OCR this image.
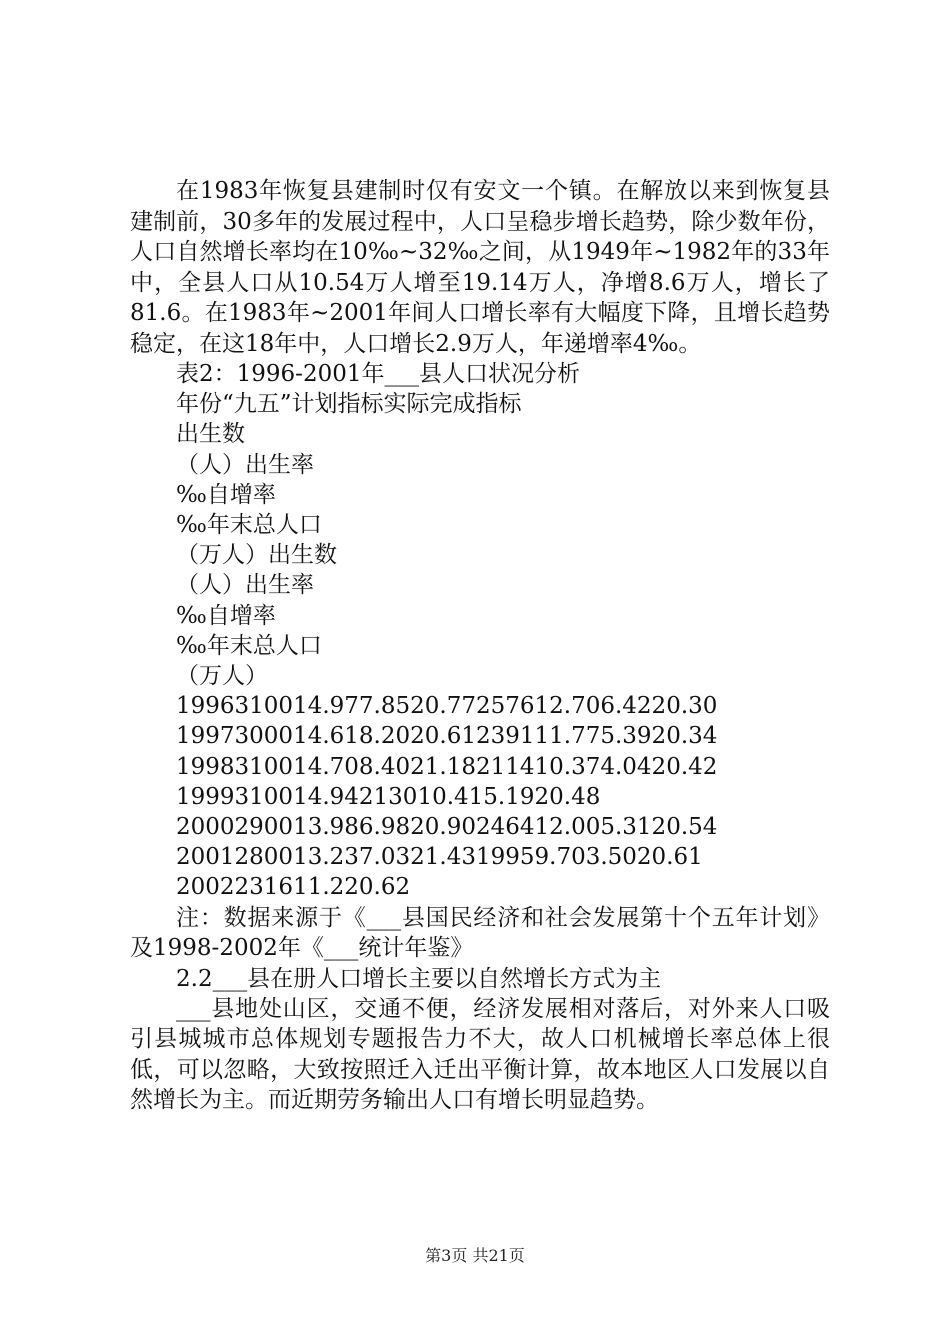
在1983年恢复县建制时仅有安文一个镇。在解放以来到恢复县建制前，30多年的发展过程中，人口呈稳步增长趋势，除少数年份，人口自然增长率均在10‰~32‰之间，从1949年~1982年的33年中，全县人口从10.54万人增至19.14万人，净增8.6万人，增长了81.6。在1983年~2001年间人口增长率有大幅度下降，且增长趋势稳定，在这18年中，人口增长2.9万人，年递增率4‰。

表2：1996-2001年___县人口状况分析
年份“九五”计划指标实际完成指标
出生数
（人）出生率
‰自增率
‰年末总人口
（万人）出生数
（人）出生率
‰自增率
‰年末总人口
（万人）
1996310014.977.8520.77257612.706.4220.30
1997300014.618.2020.61239111.775.3920.34
1998310014.708.4021.18211410.374.0420.42
1999310014.94213010.415.1920.48
2000290013.986.9820.90246412.005.3120.54
2001280013.237.0321.4319959.703.5020.61
2002231611.220.62

注：数据来源于《___县国民经济和社会发展第十个五年计划》及1998-2002年《___统计年鉴》

2.2___县在册人口增长主要以自然增长方式为主

___县地处山区，交通不便，经济发展相对落后，对外来人口吸引县城城市总体规划专题报告力不大，故人口机械增长率总体上很低，可以忽略，大致按照迁入迁出平衡计算，故本地区人口发展以自然增长为主。而近期劳务输出人口有增长明显趋势。

第3页 共21页
